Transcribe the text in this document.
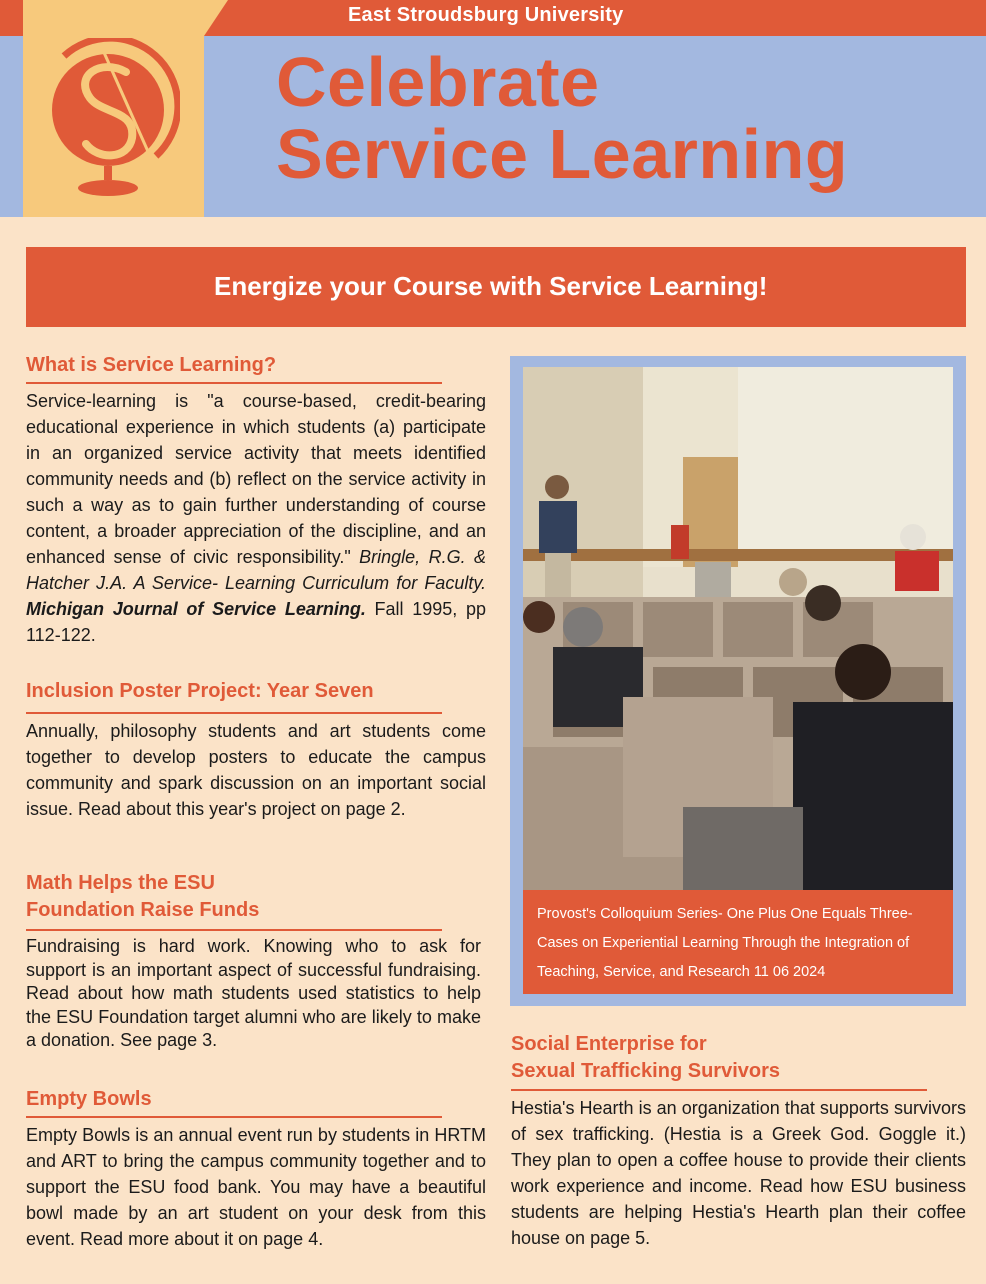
East Stroudsburg University
Celebrate
Service Learning
Energize your Course with Service Learning!
What is Service Learning?
Service-learning is "a course-based, credit-bearing educational experience in which students (a) participate in an organized service activity that meets identified community needs and (b) reflect on the service activity in such a way as to gain further understanding of course content, a broader appreciation of the discipline, and an enhanced sense of civic responsibility." Bringle, R.G. & Hatcher J.A. A Service- Learning Curriculum for Faculty. Michigan Journal of Service Learning. Fall 1995, pp 112-122.
Inclusion Poster Project: Year Seven
Annually, philosophy students and art students come together to develop posters to educate the campus community and spark discussion on an important social issue. Read about this year's project on page 2.
Math Helps the ESU
Foundation Raise Funds
Fundraising is hard work. Knowing who to ask for support is an important aspect of successful fundraising. Read about how math students used statistics to help the ESU Foundation target alumni who are likely to make a donation. See page 3.
Empty Bowls
Empty Bowls is an annual event run by students in HRTM and ART to bring the campus community together and to support the ESU food bank. You may have a beautiful bowl made by an art student on your desk from this event. Read more about it on page 4.
Provost's Colloquium Series- One Plus One Equals Three- Cases on Experiential Learning Through the Integration of Teaching, Service, and Research 11 06 2024
Social Enterprise for
Sexual Trafficking Survivors
Hestia's Hearth is an organization that supports survivors of sex trafficking. (Hestia is a Greek God. Goggle it.) They plan to open a coffee house to provide their clients work experience and income. Read how ESU business students are helping Hestia's Hearth plan their coffee house on page 5.
